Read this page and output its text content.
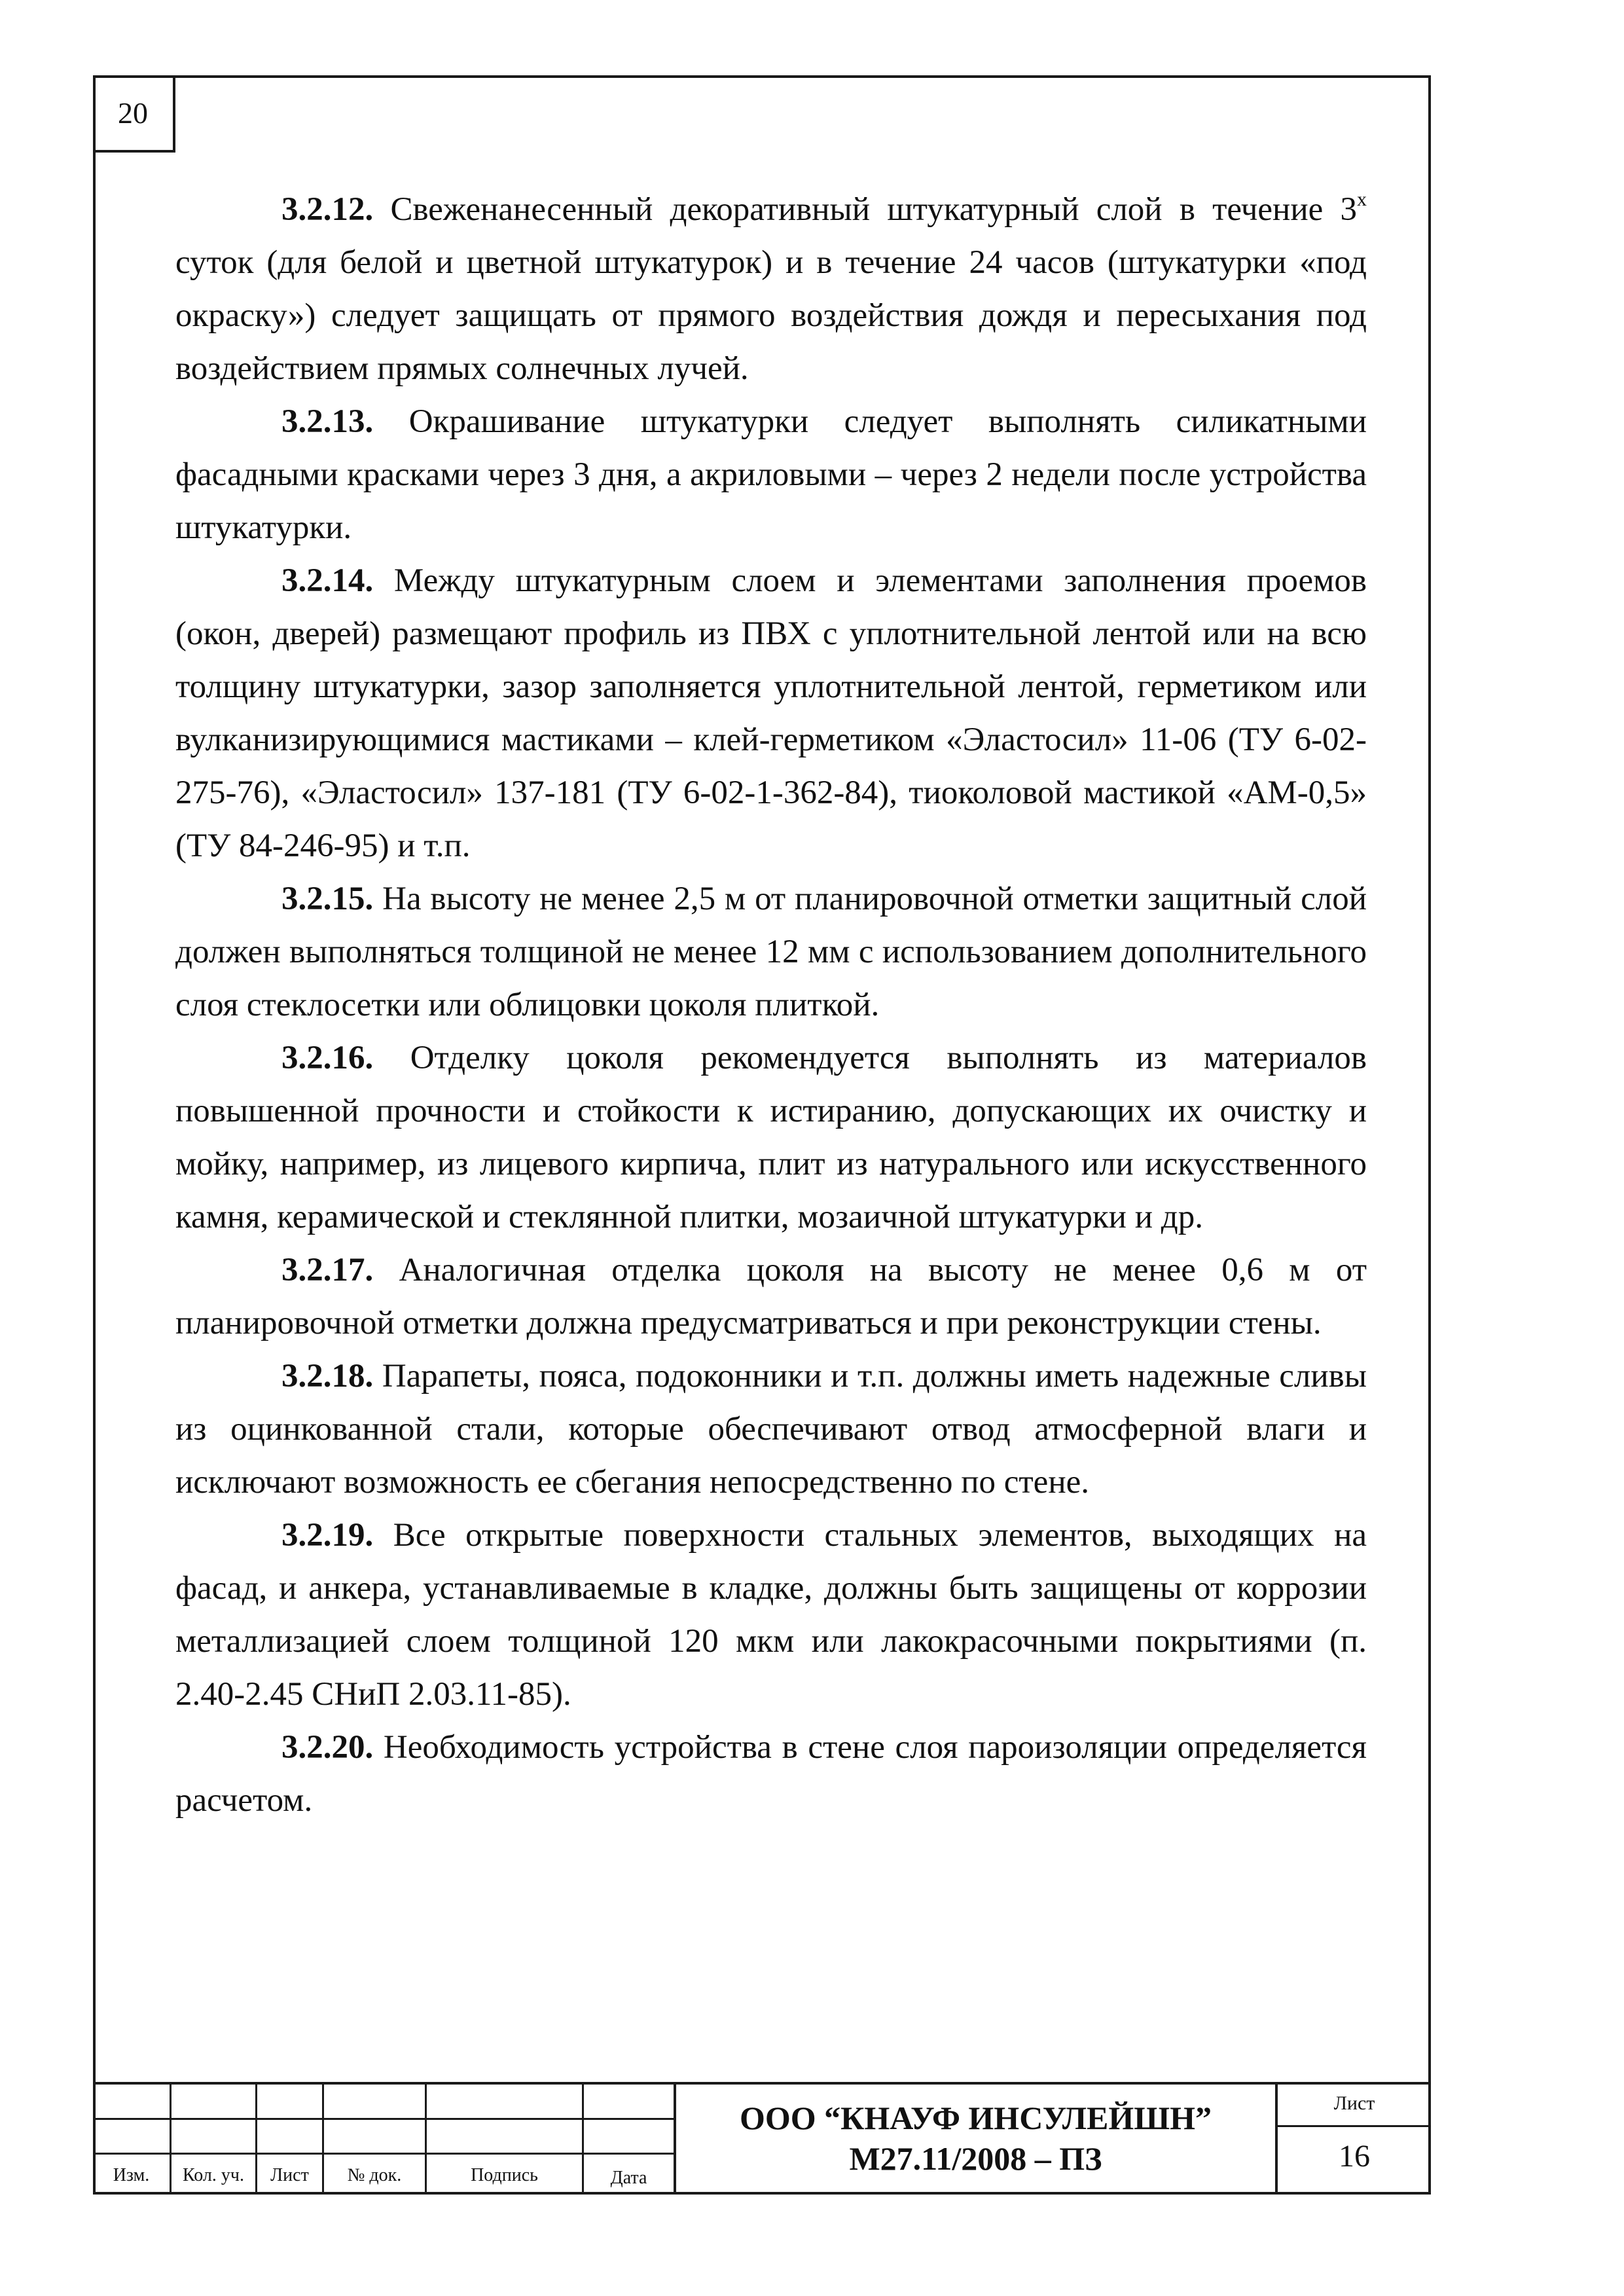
20

3.2.12. Свеженанесенный декоративный штукатурный слой в течение $3^х$ суток (для белой и цветной штукатурок) и в течение 24 часов (штукатурки «под окраску») следует защищать от прямого воздействия дождя и пересыхания под воздействием прямых солнечных лучей.

3.2.13. Окрашивание штукатурки следует выполнять силикатными фасадными красками через 3 дня, а акриловыми – через 2 недели после устройства штукатурки.

3.2.14. Между штукатурным слоем и элементами заполнения проемов (окон, дверей) размещают профиль из ПВХ с уплотнительной лентой или на всю толщину штукатурки, зазор заполняется уплотнительной лентой, герметиком или вулканизирующимися мастиками – клей-герметиком «Эластосил» 11-06 (ТУ 6-02-275-76), «Эластосил» 137-181 (ТУ 6-02-1-362-84), тиоколовой мастикой «АМ-0,5» (ТУ 84-246-95) и т.п.

3.2.15. На высоту не менее 2,5 м от планировочной отметки защитный слой должен выполняться толщиной не менее 12 мм с использованием дополнительного слоя стеклосетки или облицовки цоколя плиткой.

3.2.16. Отделку цоколя рекомендуется выполнять из материалов повышенной прочности и стойкости к истиранию, допускающих их очистку и мойку, например, из лицевого кирпича, плит из натурального или искусственного камня, керамической и стеклянной плитки, мозаичной штукатурки и др.

3.2.17. Аналогичная отделка цоколя на высоту не менее 0,6 м от планировочной отметки должна предусматриваться и при реконструкции стены.

3.2.18. Парапеты, пояса, подоконники и т.п. должны иметь надежные сливы из оцинкованной стали, которые обеспечивают отвод атмосферной влаги и исключают возможность ее сбегания непосредственно по стене.

3.2.19. Все открытые поверхности стальных элементов, выходящих на фасад, и анкера, устанавливаемые в кладке, должны быть защищены от коррозии металлизацией слоем толщиной 120 мкм или лакокрасочными покрытиями (п. 2.40-2.45 СНиП 2.03.11-85).

3.2.20. Необходимость устройства в стене слоя пароизоляции определяется расчетом.

Изм.	Кол. уч.	Лист	№ док.	Подпись	Дата
ООО “КНАУФ ИНСУЛЕЙШН”
М27.11/2008 – ПЗ
Лист
16
